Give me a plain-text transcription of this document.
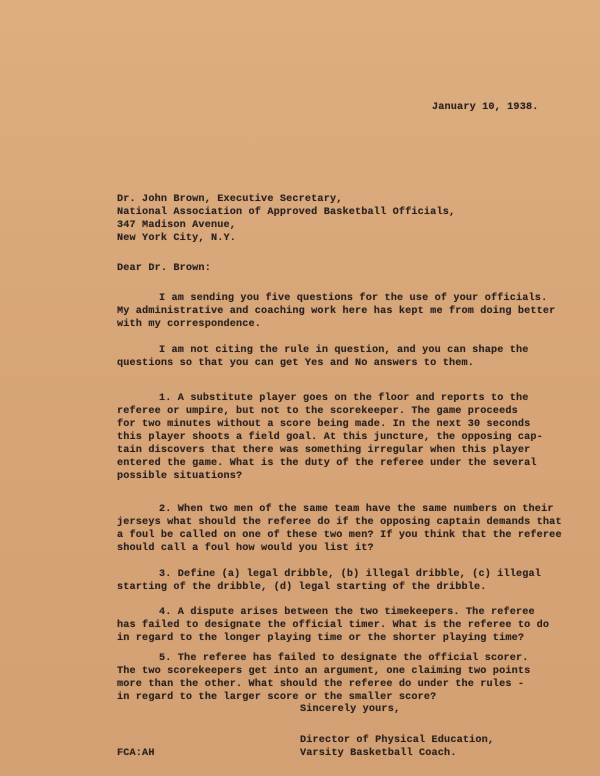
January 10, 1938.
Dr. John Brown, Executive Secretary,
National Association of Approved Basketball Officials,
347 Madison Avenue,
New York City, N.Y.
Dear Dr. Brown:
I am sending you five questions for the use of your officials.
My administrative and coaching work here has kept me from doing better
with my correspondence.
I am not citing the rule in question, and you can shape the
questions so that you can get Yes and No answers to them.
1. A substitute player goes on the floor and reports to the
referee or umpire, but not to the scorekeeper. The game proceeds
for two minutes without a score being made. In the next 30 seconds
this player shoots a field goal. At this juncture, the opposing cap-
tain discovers that there was something irregular when this player
entered the game. What is the duty of the referee under the several
possible situations?
2. When two men of the same team have the same numbers on their
jerseys what should the referee do if the opposing captain demands that
a foul be called on one of these two men? If you think that the referee
should call a foul how would you list it?
3. Define (a) legal dribble, (b) illegal dribble, (c) illegal
starting of the dribble, (d) legal starting of the dribble.
4. A dispute arises between the two timekeepers. The referee
has failed to designate the official timer. What is the referee to do
in regard to the longer playing time or the shorter playing time?
5. The referee has failed to designate the official scorer.
The two scorekeepers get into an argument, one claiming two points
more than the other. What should the referee do under the rules -
in regard to the larger score or the smaller score?
Sincerely yours,
Director of Physical Education,
Varsity Basketball Coach.
FCA:AH
